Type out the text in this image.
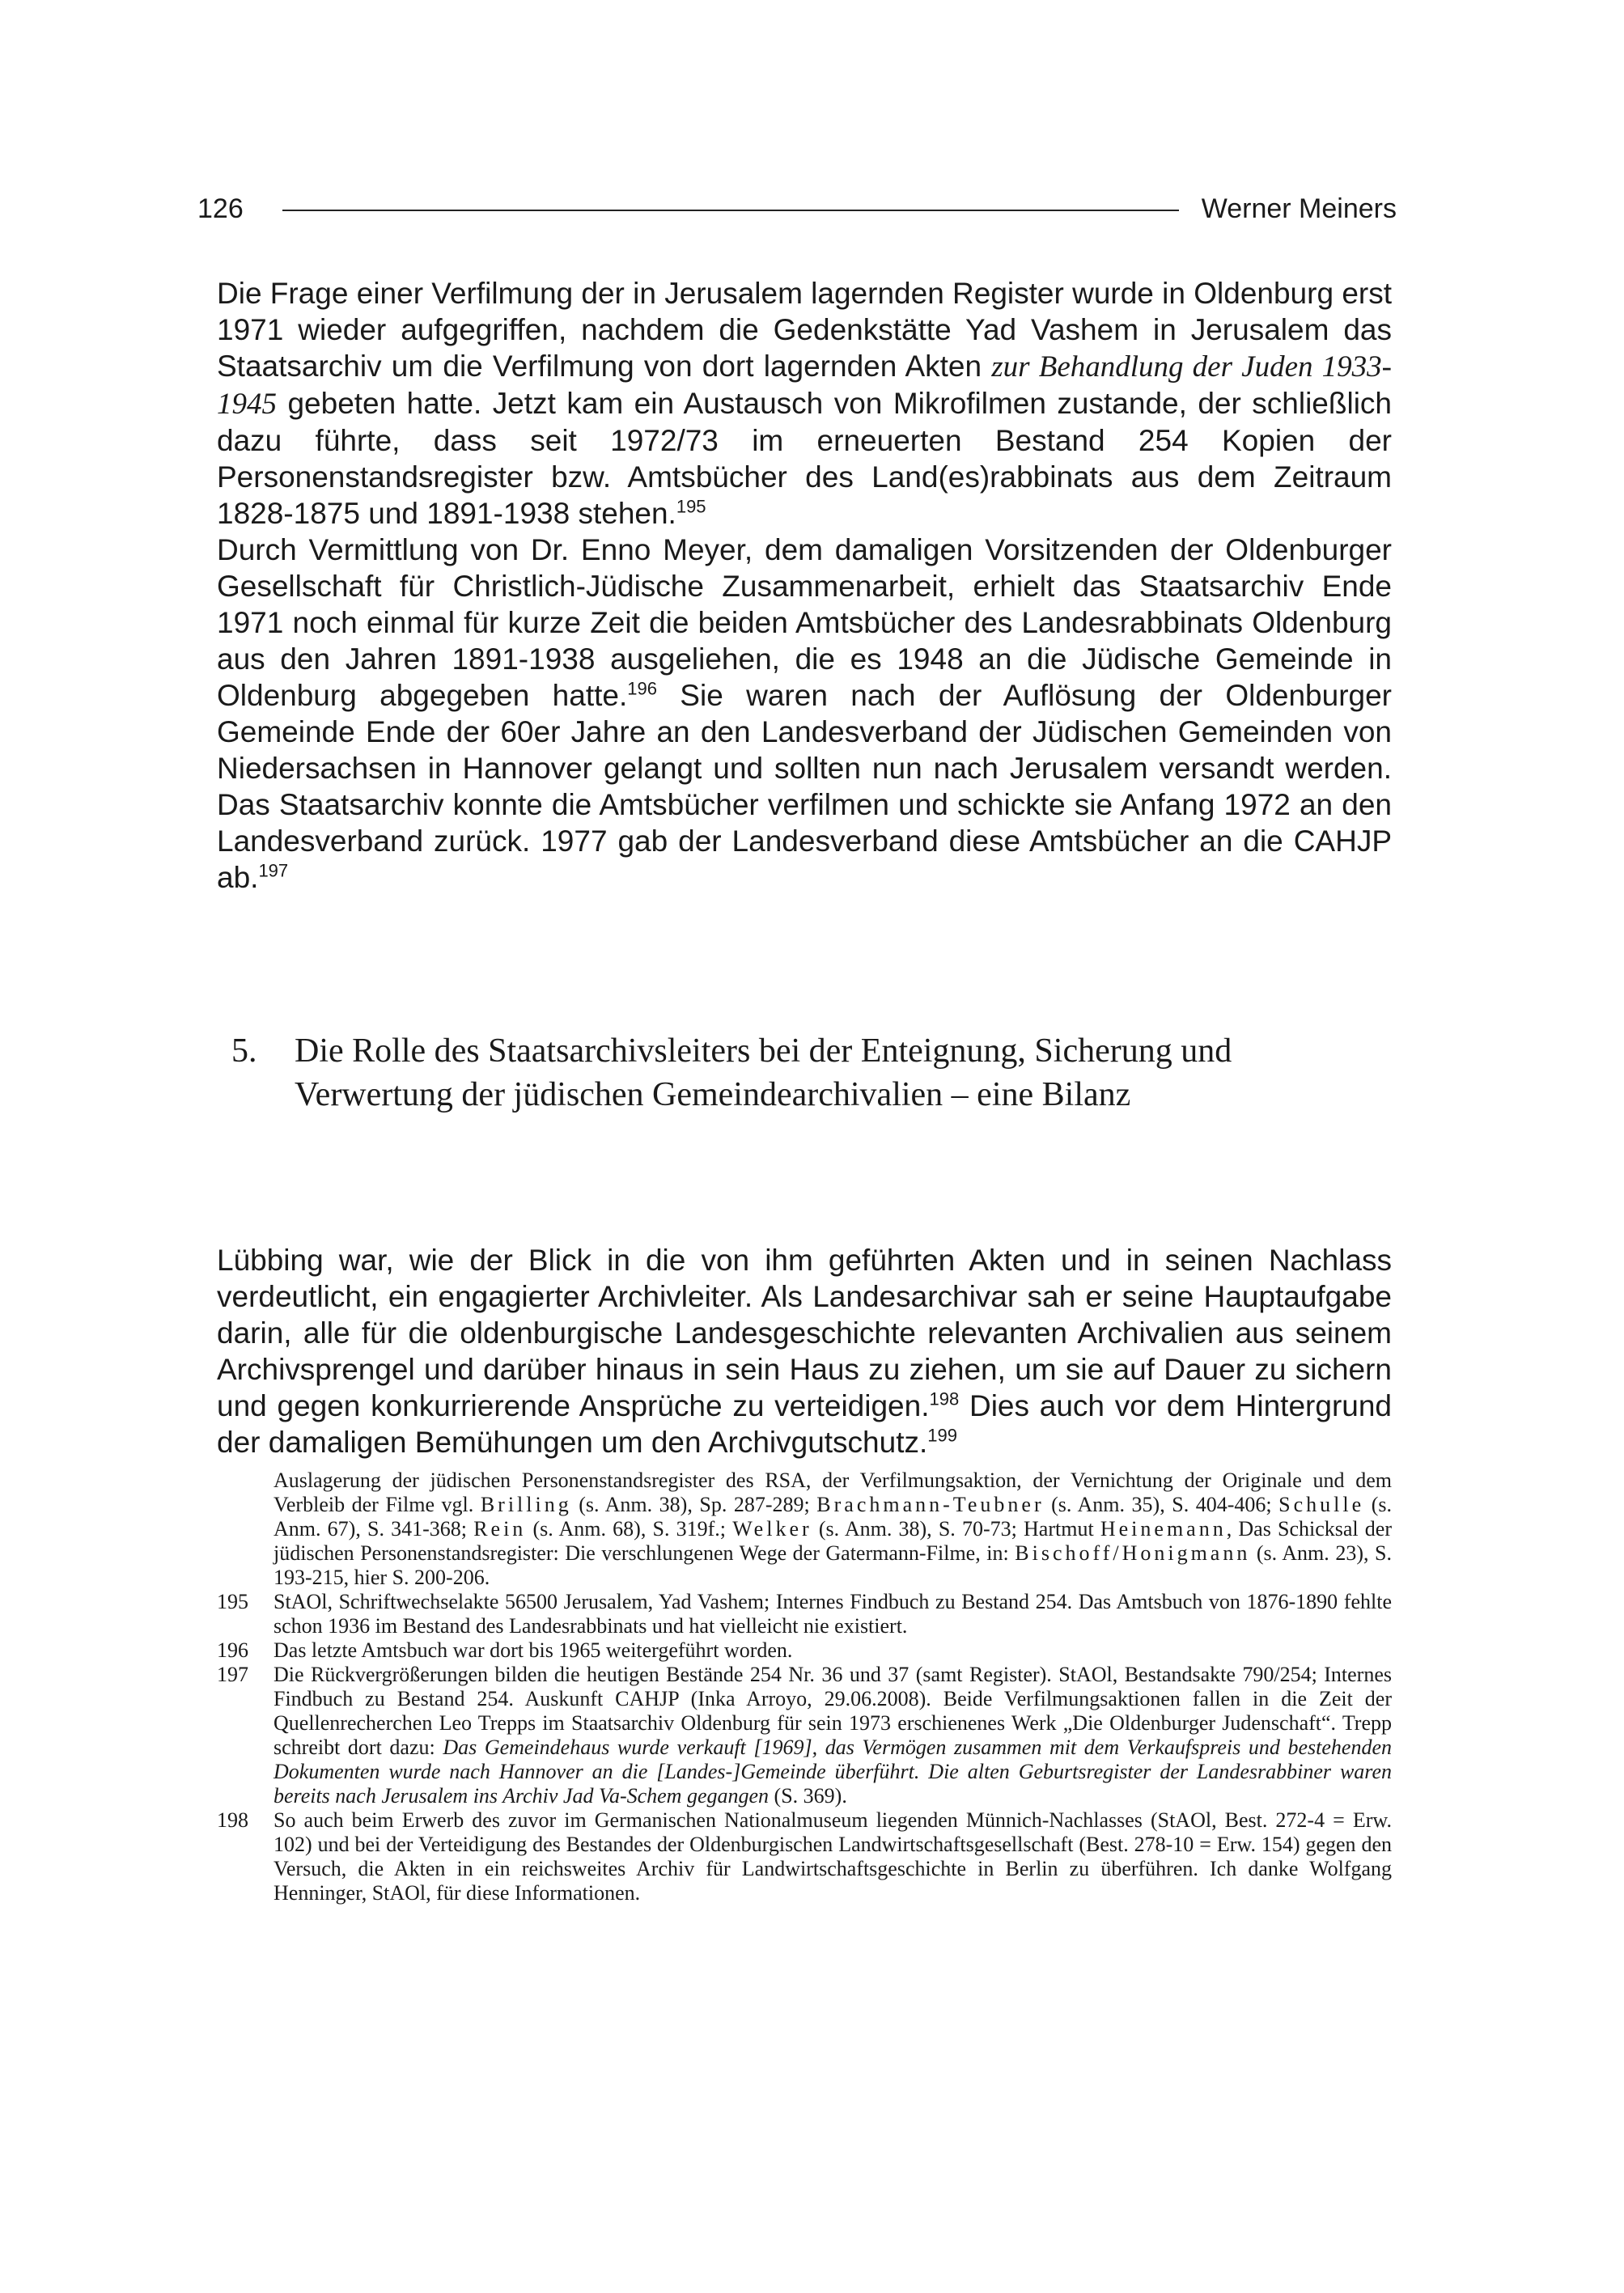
126	Werner Meiners

Die Frage einer Verfilmung der in Jerusalem lagernden Register wurde in Oldenburg erst 1971 wieder aufgegriffen, nachdem die Gedenkstätte Yad Vashem in Jerusalem das Staatsarchiv um die Verfilmung von dort lagernden Akten zur Behandlung der Juden 1933-1945 gebeten hatte. Jetzt kam ein Austausch von Mikrofilmen zustande, der schließlich dazu führte, dass seit 1972/73 im erneuerten Bestand 254 Kopien der Personenstandsregister bzw. Amtsbücher des Land(es)rabbinats aus dem Zeitraum 1828-1875 und 1891-1938 stehen.$^{195}$

Durch Vermittlung von Dr. Enno Meyer, dem damaligen Vorsitzenden der Oldenburger Gesellschaft für Christlich-Jüdische Zusammenarbeit, erhielt das Staatsarchiv Ende 1971 noch einmal für kurze Zeit die beiden Amtsbücher des Landesrabbinats Oldenburg aus den Jahren 1891-1938 ausgeliehen, die es 1948 an die Jüdische Gemeinde in Oldenburg abgegeben hatte.$^{196}$ Sie waren nach der Auflösung der Oldenburger Gemeinde Ende der 60er Jahre an den Landesverband der Jüdischen Gemeinden von Niedersachsen in Hannover gelangt und sollten nun nach Jerusalem versandt werden. Das Staatsarchiv konnte die Amtsbücher verfilmen und schickte sie Anfang 1972 an den Landesverband zurück. 1977 gab der Landesverband diese Amtsbücher an die CAHJP ab.$^{197}$

5.	Die Rolle des Staatsarchivsleiters bei der Enteignung, Sicherung und Verwertung der jüdischen Gemeindearchivalien – eine Bilanz

Lübbing war, wie der Blick in die von ihm geführten Akten und in seinen Nachlass verdeutlicht, ein engagierter Archivleiter. Als Landesarchivar sah er seine Hauptaufgabe darin, alle für die oldenburgische Landesgeschichte relevanten Archivalien aus seinem Archivsprengel und darüber hinaus in sein Haus zu ziehen, um sie auf Dauer zu sichern und gegen konkurrierende Ansprüche zu verteidigen.$^{198}$ Dies auch vor dem Hintergrund der damaligen Bemühungen um den Archivgutschutz.$^{199}$

Auslagerung der jüdischen Personenstandsregister des RSA, der Verfilmungsaktion, der Vernichtung der Originale und dem Verbleib der Filme vgl. Brilling (s. Anm. 38), Sp. 287-289; Brachmann-Teubner (s. Anm. 35), S. 404-406; Schulle (s. Anm. 67), S. 341-368; Rein (s. Anm. 68), S. 319f.; Welker (s. Anm. 38), S. 70-73; Hartmut Heinemann, Das Schicksal der jüdischen Personenstandsregister: Die verschlungenen Wege der Gatermann-Filme, in: Bischoff/Honigmann (s. Anm. 23), S. 193-215, hier S. 200-206.
195	StAOl, Schriftwechselakte 56500 Jerusalem, Yad Vashem; Internes Findbuch zu Bestand 254. Das Amtsbuch von 1876-1890 fehlte schon 1936 im Bestand des Landesrabbinats und hat vielleicht nie existiert.
196	Das letzte Amtsbuch war dort bis 1965 weitergeführt worden.
197	Die Rückvergrößerungen bilden die heutigen Bestände 254 Nr. 36 und 37 (samt Register). StAOl, Bestandsakte 790/254; Internes Findbuch zu Bestand 254. Auskunft CAHJP (Inka Arroyo, 29.06.2008). Beide Verfilmungsaktionen fallen in die Zeit der Quellenrecherchen Leo Trepps im Staatsarchiv Oldenburg für sein 1973 erschienenes Werk „Die Oldenburger Judenschaft“. Trepp schreibt dort dazu: Das Gemeindehaus wurde verkauft [1969], das Vermögen zusammen mit dem Verkaufspreis und bestehenden Dokumenten wurde nach Hannover an die [Landes-]Gemeinde überführt. Die alten Geburtsregister der Landesrabbiner waren bereits nach Jerusalem ins Archiv Jad Va-Schem gegangen (S. 369).
198	So auch beim Erwerb des zuvor im Germanischen Nationalmuseum liegenden Münnich-Nachlasses (StAOl, Best. 272-4 = Erw. 102) und bei der Verteidigung des Bestandes der Oldenburgischen Landwirtschaftsgesellschaft (Best. 278-10 = Erw. 154) gegen den Versuch, die Akten in ein reichsweites Archiv für Landwirtschaftsgeschichte in Berlin zu überführen. Ich danke Wolfgang Henninger, StAOl, für diese Informationen.
